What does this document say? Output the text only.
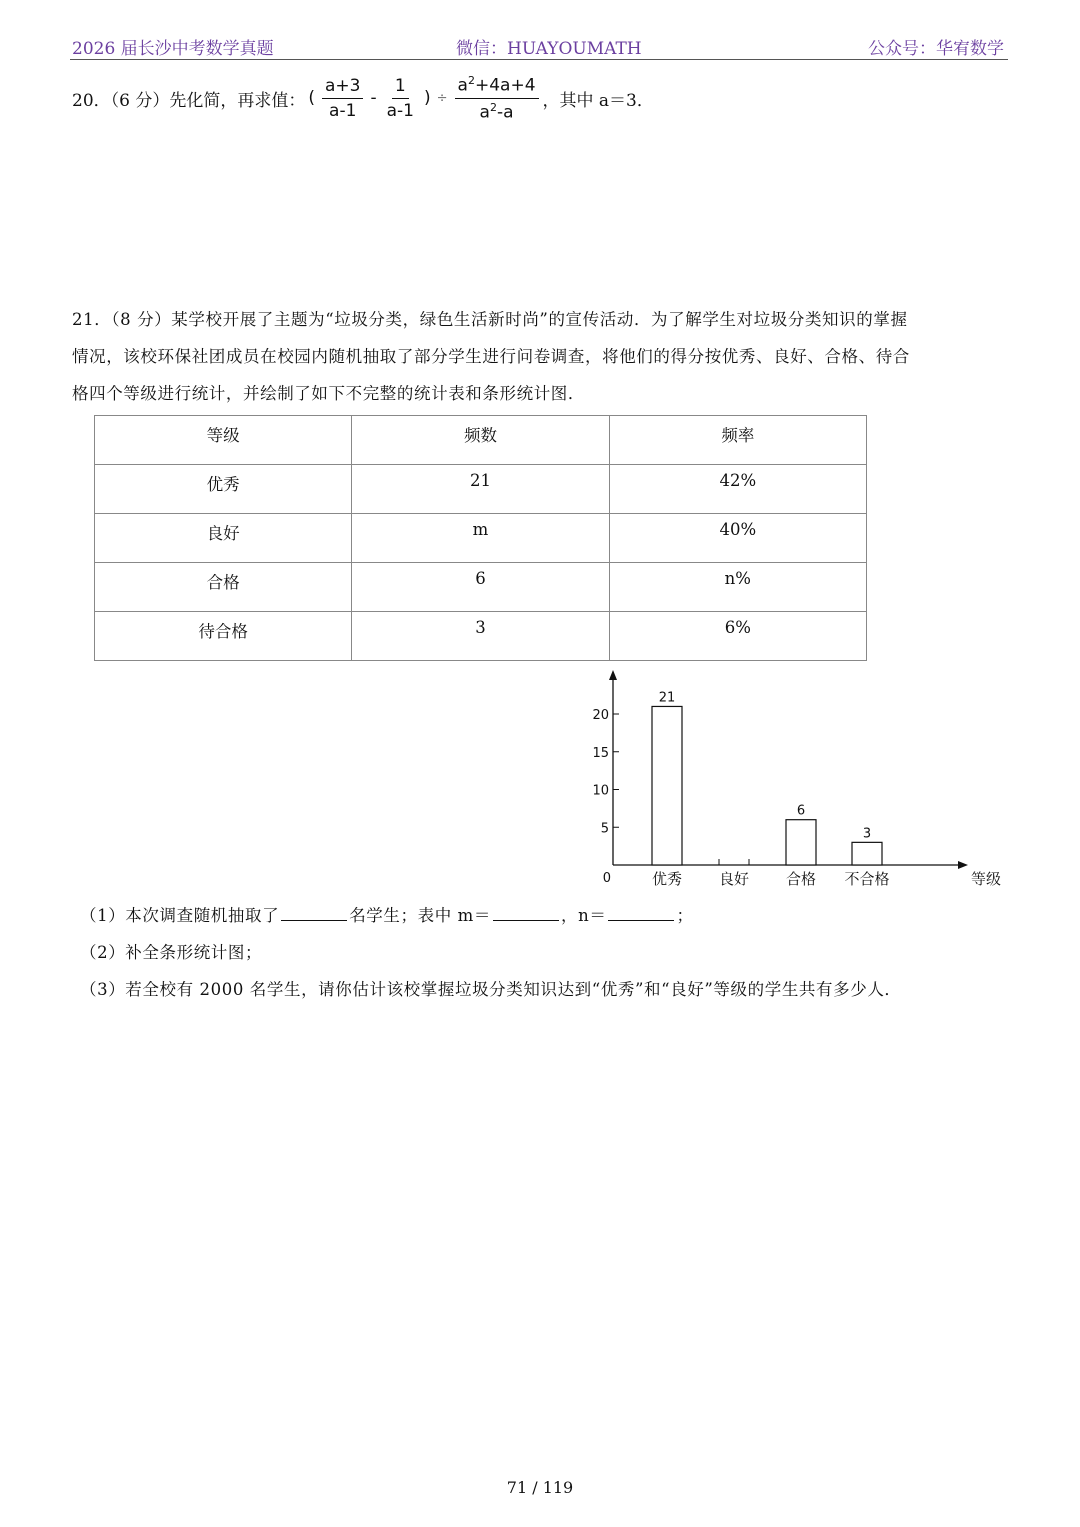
2026 届长沙中考数学真题	微信：HUAYOUMATH	公众号：华宥数学
20．（6 分）先化简，再求值： ( $\frac{a+3}{a-1} - \frac{1}{a-1}$ ) ÷ $\frac{a^2+4a+4}{a^2-a}$ ，其中 a＝3．
21．（8 分）某学校开展了主题为“垃圾分类，绿色生活新时尚”的宣传活动．为了解学生对垃圾分类知识的掌握
情况，该校环保社团成员在校园内随机抽取了部分学生进行问卷调查，将他们的得分按优秀、良好、合格、待合
格四个等级进行统计，并绘制了如下不完整的统计表和条形统计图．
等级	频数	频率
优秀	21	42%
良好	m	40%
合格	6	n%
待合格	3	6%
5
10
15
20
0
21
优秀 良好
6
合格
3
不合格	等级
（1）本次调查随机抽取了	名学生；表中 m＝	，n＝	；
（2）补全条形统计图；
（3）若全校有 2000 名学生，请你估计该校掌握垃圾分类知识达到“优秀”和“良好”等级的学生共有多少人．
71 / 119
